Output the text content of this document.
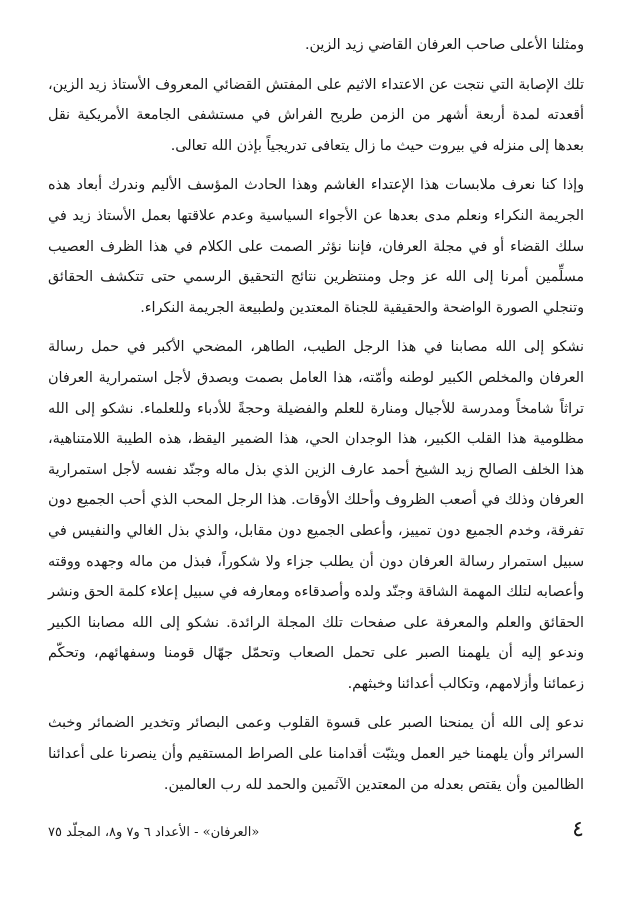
ومثلنا الأعلى صاحب العرفان القاضي زيد الزين.

تلك الإصابة التي نتجت عن الاعتداء الاثيم على المفتش القضائي المعروف الأستاذ زيد الزين، أقعدته لمدة أربعة أشهر من الزمن طريح الفراش في مستشفى الجامعة الأمريكية نقل بعدها إلى منزله في بيروت حيث ما زال يتعافى تدريجياً بإذن الله تعالى.

وإذا كنا نعرف ملابسات هذا الإعتداء الغاشم وهذا الحادث المؤسف الأليم وندرك أبعاد هذه الجريمة النكراء ونعلم مدى بعدها عن الأجواء السياسية وعدم علاقتها بعمل الأستاذ زيد في سلك القضاء أو في مجلة العرفان، فإننا نؤثر الصمت على الكلام في هذا الظرف العصيب مسلِّمين أمرنا إلى الله عز وجل ومنتظرين نتائج التحقيق الرسمي حتى تتكشف الحقائق وتنجلي الصورة الواضحة والحقيقية للجناة المعتدين ولطبيعة الجريمة النكراء.

نشكو إلى الله مصابنا في هذا الرجل الطيب، الطاهر، المضحي الأكبر في حمل رسالة العرفان والمخلص الكبير لوطنه وأمّته، هذا العامل بصمت وبصدق لأجل استمرارية العرفان تراثاً شامخاً ومدرسة للأجيال ومنارة للعلم والفضيلة وحجةً للأدباء وللعلماء. نشكو إلى الله مظلومية هذا القلب الكبير، هذا الوجدان الحي، هذا الضمير اليقظ، هذه الطيبة اللامتناهية، هذا الخلف الصالح زيد الشيخ أحمد عارف الزين الذي بذل ماله وجنّد نفسه لأجل استمرارية العرفان وذلك في أصعب الظروف وأحلك الأوقات. هذا الرجل المحب الذي أحب الجميع دون تفرقة، وخدم الجميع دون تمييز، وأعطى الجميع دون مقابل، والذي بذل الغالي والنفيس في سبيل استمرار رسالة العرفان دون أن يطلب جزاء ولا شكوراً، فبذل من ماله وجهده ووقته وأعصابه لتلك المهمة الشاقة وجنّد ولده وأصدقاءه ومعارفه في سبيل إعلاء كلمة الحق ونشر الحقائق والعلم والمعرفة على صفحات تلك المجلة الرائدة. نشكو إلى الله مصابنا الكبير وندعو إليه أن يلهمنا الصبر على تحمل الصعاب وتحمّل جهّال قومنا وسفهائهم، وتحكّم زعمائنا وأزلامهم، وتكالب أعدائنا وخبثهم.

ندعو إلى الله أن يمنحنا الصبر على قسوة القلوب وعمى البصائر وتخدير الضمائر وخبث السرائر وأن يلهمنا خير العمل ويثبّت أقدامنا على الصراط المستقيم وأن ينصرنا على أعدائنا الظالمين وأن يقتص بعدله من المعتدين الآثمين والحمد لله رب العالمين.

٤
«العرفان» - الأعداد ٦ و٧ و٨، المجلّد ٧٥
